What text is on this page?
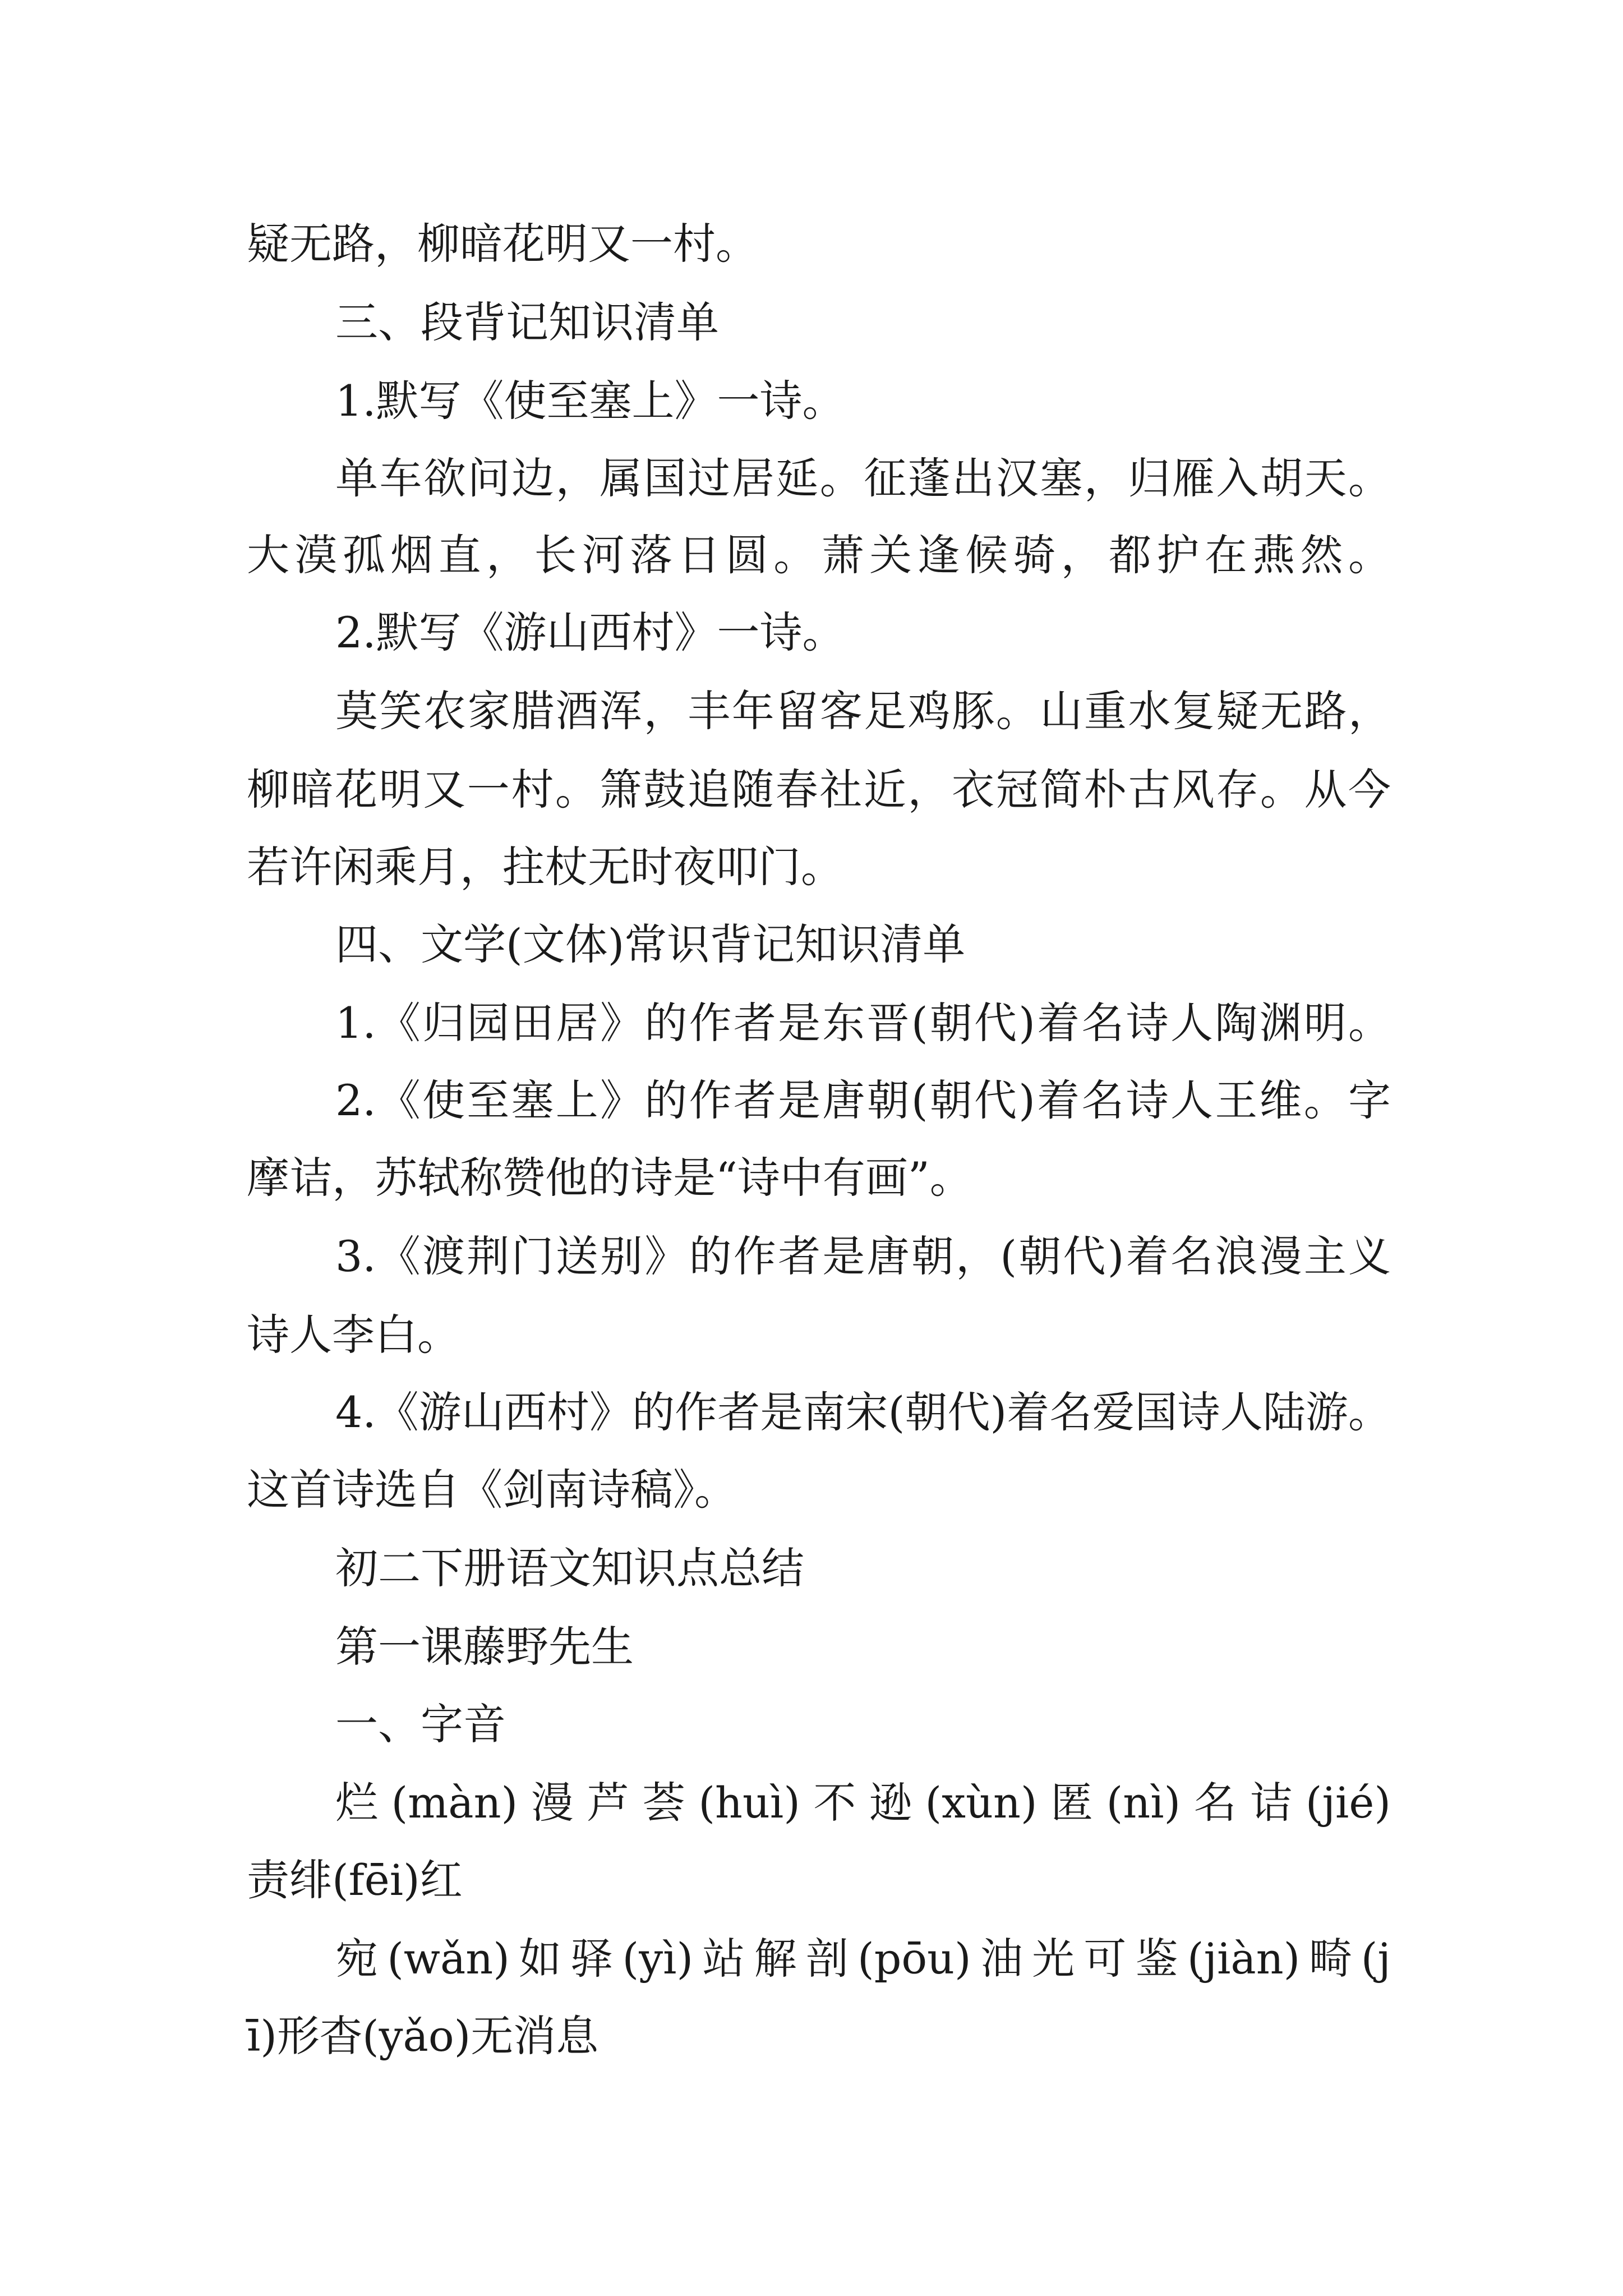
疑无路，柳暗花明又一村。
三、段背记知识清单
1.默写《使至塞上》一诗。
单车欲问边，属国过居延。征蓬出汉塞，归雁入胡天。
大漠孤烟直，长河落日圆。萧关逢候骑，都护在燕然。
2.默写《游山西村》一诗。
莫笑农家腊酒浑，丰年留客足鸡豚。山重水复疑无路，
柳暗花明又一村。箫鼓追随春社近，衣冠简朴古风存。从今
若许闲乘月，拄杖无时夜叩门。
四、文学(文体)常识背记知识清单
1.《归园田居》的作者是东晋(朝代)着名诗人陶渊明。
2.《使至塞上》的作者是唐朝(朝代)着名诗人王维。字
摩诘，苏轼称赞他的诗是“诗中有画”。
3.《渡荆门送别》的作者是唐朝，(朝代)着名浪漫主义
诗人李白。
4.《游山西村》的作者是南宋(朝代)着名爱国诗人陆游。
这首诗选自《剑南诗稿》。
初二下册语文知识点总结
第一课藤野先生
一、字音
烂(màn)漫芦荟(huì)不逊(xùn)匿(nì)名诘(jié)
责绯(fēi)红
宛(wǎn)如驿(yì)站解剖(pōu)油光可鉴(jiàn)畸(j
ī)形杳(yǎo)无消息
